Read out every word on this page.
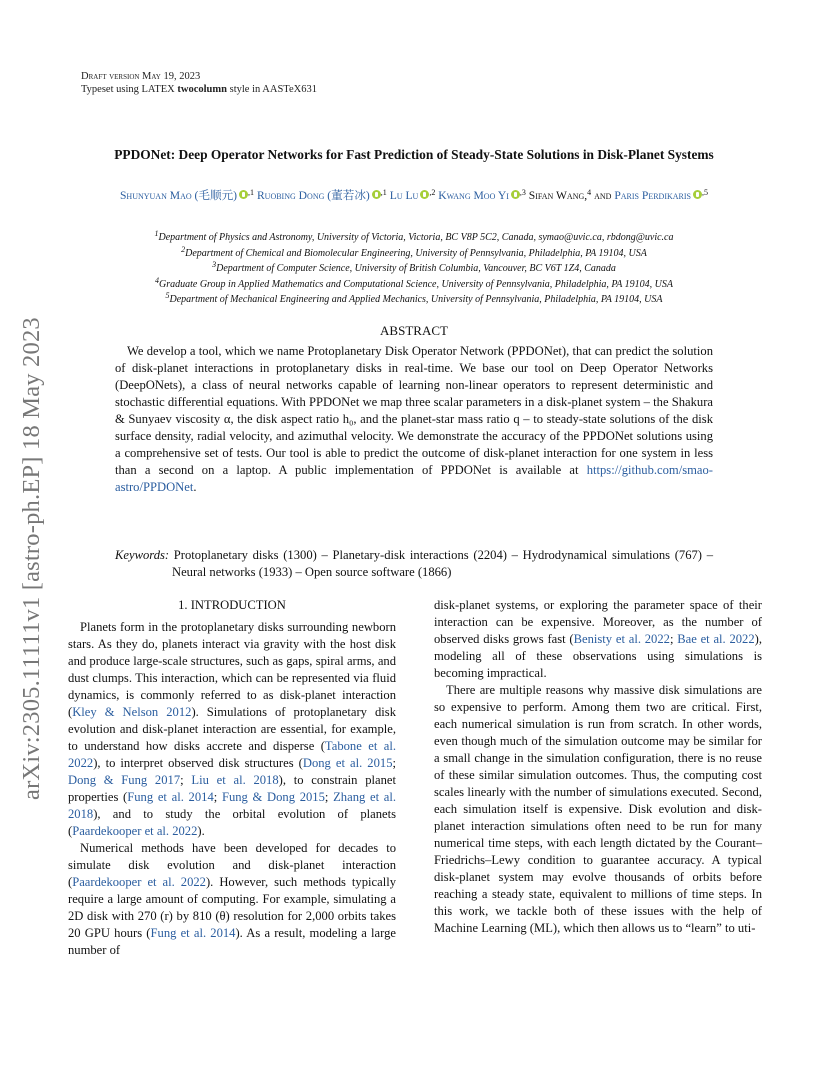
Draft version May 19, 2023
Typeset using LATEX twocolumn style in AASTeX631
arXiv:2305.11111v1 [astro-ph.EP] 18 May 2023
PPDONet: Deep Operator Networks for Fast Prediction of Steady-State Solutions in Disk-Planet Systems
Shunyuan Mao (毛顺元) $^{,1}$ Ruobing Dong (董若冰) $^{,1}$ Lu Lu $^{,2}$ Kwang Moo Yi $^{,3}$ Sifan Wang,$^4$ and Paris Perdikaris $^{,5}$
$^1$Department of Physics and Astronomy, University of Victoria, Victoria, BC V8P 5C2, Canada, symao@uvic.ca, rbdong@uvic.ca
$^2$Department of Chemical and Biomolecular Engineering, University of Pennsylvania, Philadelphia, PA 19104, USA
$^3$Department of Computer Science, University of British Columbia, Vancouver, BC V6T 1Z4, Canada
$^4$Graduate Group in Applied Mathematics and Computational Science, University of Pennsylvania, Philadelphia, PA 19104, USA
$^5$Department of Mechanical Engineering and Applied Mechanics, University of Pennsylvania, Philadelphia, PA 19104, USA
ABSTRACT
We develop a tool, which we name Protoplanetary Disk Operator Network (PPDONet), that can predict the solution of disk-planet interactions in protoplanetary disks in real-time. We base our tool on Deep Operator Networks (DeepONets), a class of neural networks capable of learning non-linear operators to represent deterministic and stochastic differential equations. With PPDONet we map three scalar parameters in a disk-planet system – the Shakura & Sunyaev viscosity α, the disk aspect ratio h₀, and the planet-star mass ratio q – to steady-state solutions of the disk surface density, radial velocity, and azimuthal velocity. We demonstrate the accuracy of the PPDONet solutions using a comprehensive set of tests. Our tool is able to predict the outcome of disk-planet interaction for one system in less than a second on a laptop. A public implementation of PPDONet is available at https://github.com/smao-astro/PPDONet.
Keywords: Protoplanetary disks (1300) – Planetary-disk interactions (2204) – Hydrodynamical simulations (767) – Neural networks (1933) – Open source software (1866)
1. INTRODUCTION

Planets form in the protoplanetary disks surrounding newborn stars. As they do, planets interact via gravity with the host disk and produce large-scale structures, such as gaps, spiral arms, and dust clumps. This interaction, which can be represented via fluid dynamics, is commonly referred to as disk-planet interaction (Kley & Nelson 2012). Simulations of protoplanetary disk evolution and disk-planet interaction are essential, for example, to understand how disks accrete and disperse (Tabone et al. 2022), to interpret observed disk structures (Dong et al. 2015; Dong & Fung 2017; Liu et al. 2018), to constrain planet properties (Fung et al. 2014; Fung & Dong 2015; Zhang et al. 2018), and to study the orbital evolution of planets (Paardekooper et al. 2022).

Numerical methods have been developed for decades to simulate disk evolution and disk-planet interaction (Paardekooper et al. 2022). However, such methods typically require a large amount of computing. For example, simulating a 2D disk with 270 (r) by 810 (θ) resolution for 2,000 orbits takes 20 GPU hours (Fung et al. 2014). As a result, modeling a large number of

disk-planet systems, or exploring the parameter space of their interaction can be expensive. Moreover, as the number of observed disks grows fast (Benisty et al. 2022; Bae et al. 2022), modeling all of these observations using simulations is becoming impractical.

There are multiple reasons why massive disk simulations are so expensive to perform. Among them two are critical. First, each numerical simulation is run from scratch. In other words, even though much of the simulation outcome may be similar for a small change in the simulation configuration, there is no reuse of these similar simulation outcomes. Thus, the computing cost scales linearly with the number of simulations executed. Second, each simulation itself is expensive. Disk evolution and disk-planet interaction simulations often need to be run for many numerical time steps, with each length dictated by the Courant–Friedrichs–Lewy condition to guarantee accuracy. A typical disk-planet system may evolve thousands of orbits before reaching a steady state, equivalent to millions of time steps. In this work, we tackle both of these issues with the help of Machine Learning (ML), which then allows us to “learn” to uti-
